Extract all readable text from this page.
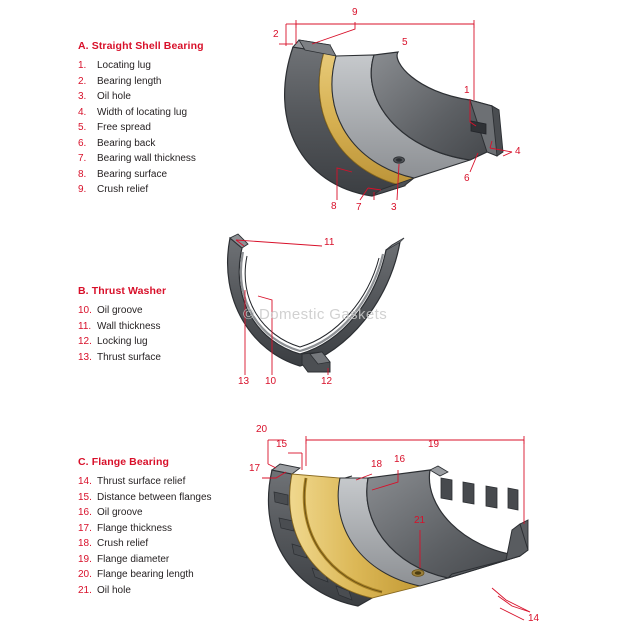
9
2
5
1
4
6
8 7	3
11
13 10	12
20
15	19
17	18 16
21
14
A. Straight Shell Bearing
1.	Locating lug
2.	Bearing length
3.	Oil hole
4.	Width of locating lug
5.	Free spread
6.	Bearing back
7.	Bearing wall thickness
8.	Bearing surface
9.	Crush relief
B. Thrust Washer
10. Oil groove
11. Wall thickness
12. Locking lug
13. Thrust surface
C. Flange Bearing
14. Thrust surface relief
15. Distance between flanges
16. Oil groove
17. Flange thickness
18. Crush relief
19. Flange diameter
20. Flange bearing length
21. Oil hole
© Domestic Gaskets
